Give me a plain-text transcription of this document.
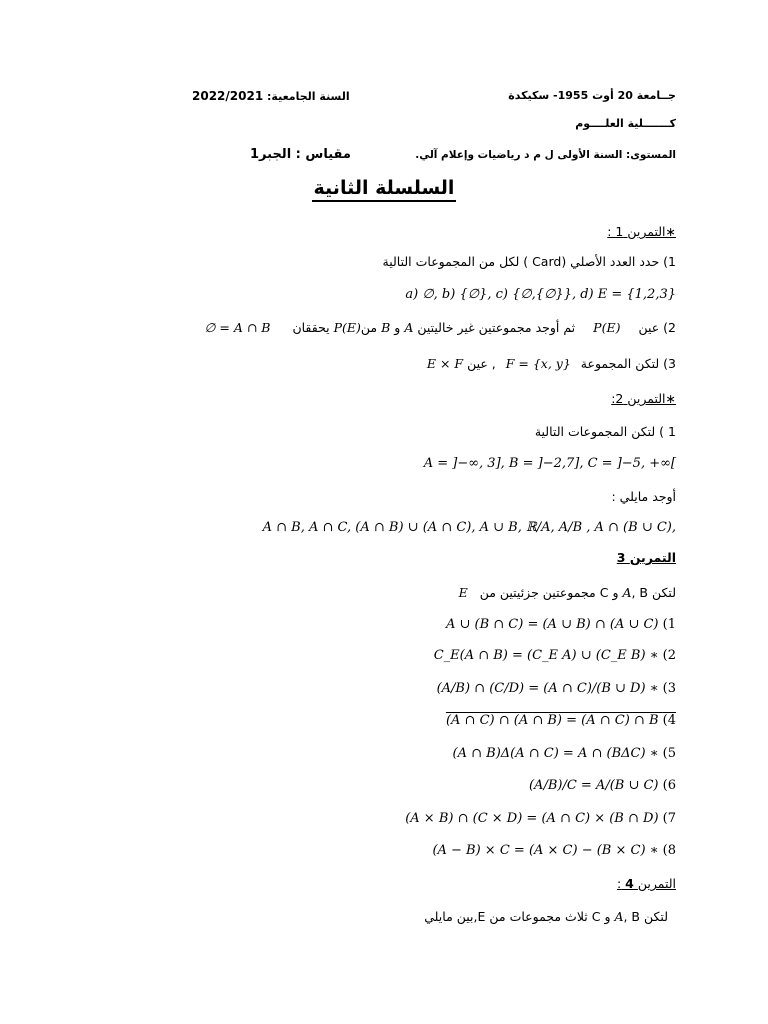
جــامعة 20 أوت 1955- سكيكدة
السنة الجامعية: 2022/2021
كـــــــلية العلــــوم
المستوى: السنة الأولى ل م د رياضيات وإعلام آلي.
مقياس : الجبر1
السلسلة الثانية
∗التمرين 1 :
1) حدد العدد الأصلي (Card ) لكل من المجموعات التالية
a) ∅, b) {∅}, c) {∅,{∅}}, d) E = {1,2,3}
2) عين P(E) ثم أوجد مجموعتين غير خاليتين A و B منP(E) يحققان A ∩ B = ∅
3) لتكن المجموعة F = {x, y} , عين E × F
∗التمرين 2:
1 ) لتكن المجموعات التالية
A = ]−∞, 3], B = ]−2,7], C = ]−5, +∞[
أوجد مايلي :
A ∩ B, A ∩ C, (A ∩ B) ∪ (A ∩ C), A ∪ B, ℝ/A, A/B , A ∩ (B ∪ C),
التمرين 3
لتكن A, B و C مجموعتين جزئيتين من E
A ∪ (B ∩ C) = (A ∪ B) ∩ (A ∪ C) (1
C_E(A ∩ B) = (C_E A) ∪ (C_E B) ∗ (2
(A/B) ∩ (C/D) = (A ∩ C)/(B ∪ D) ∗ (3
(A ∩ C) ∩ (A ∩ B) = (A ∩ C) ∩ B (4
(A ∩ B)Δ(A ∩ C) = A ∩ (BΔC) ∗ (5
(A/B)/C = A/(B ∪ C) (6
(A × B) ∩ (C × D) = (A ∩ C) × (B ∩ D) (7
(A − B) × C = (A × C) − (B × C) ∗ (8
التمرين 4 :
لتكن A, B و C ثلاث مجموعات من E,بين مايلي
